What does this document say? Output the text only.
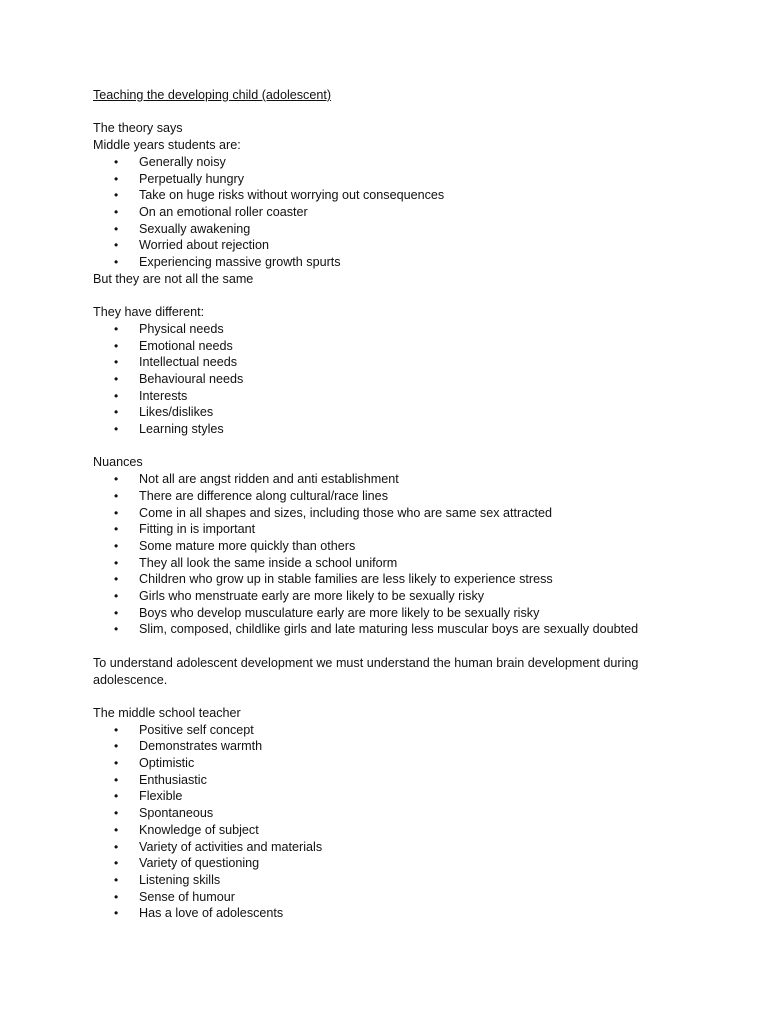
Teaching the developing child (adolescent)
The theory says
Middle years students are:
• Generally noisy
• Perpetually hungry
• Take on huge risks without worrying out consequences
• On an emotional roller coaster
• Sexually awakening
• Worried about rejection
• Experiencing massive growth spurts
But they are not all the same
They have different:
• Physical needs
• Emotional needs
• Intellectual needs
• Behavioural needs
• Interests
• Likes/dislikes
• Learning styles
Nuances
• Not all are angst ridden and anti establishment
• There are difference along cultural/race lines
• Come in all shapes and sizes, including those who are same sex attracted
• Fitting in is important
• Some mature more quickly than others
• They all look the same inside a school uniform
• Children who grow up in stable families are less likely to experience stress
• Girls who menstruate early are more likely to be sexually risky
• Boys who develop musculature early are more likely to be sexually risky
• Slim, composed, childlike girls and late maturing less muscular boys are sexually doubted
To understand adolescent development we must understand the human brain development during adolescence.
The middle school teacher
• Positive self concept
• Demonstrates warmth
• Optimistic
• Enthusiastic
• Flexible
• Spontaneous
• Knowledge of subject
• Variety of activities and materials
• Variety of questioning
• Listening skills
• Sense of humour
• Has a love of adolescents
